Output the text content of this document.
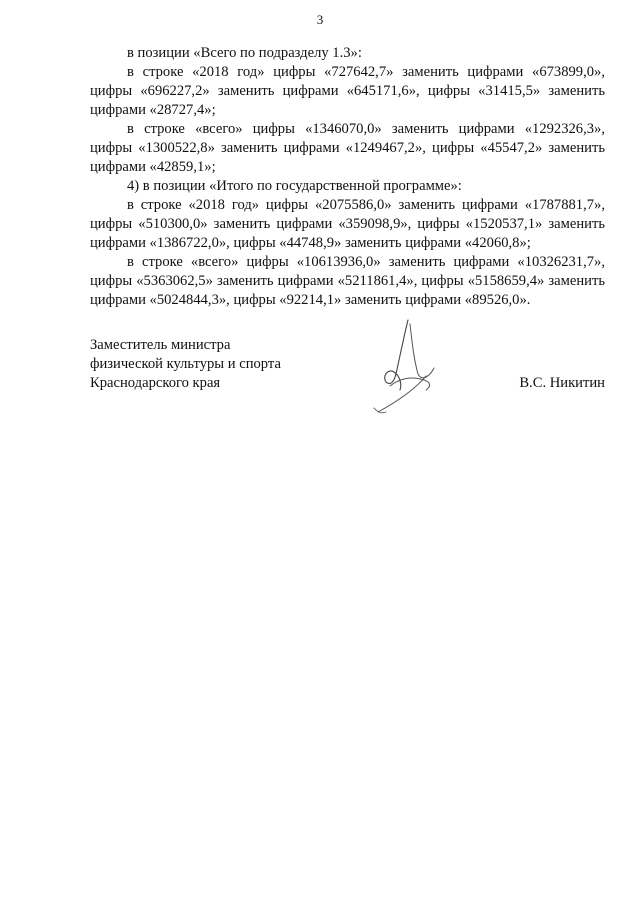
3

в позиции «Всего по подразделу 1.3»:

в строке «2018 год» цифры «727642,7» заменить цифрами «673899,0», цифры «696227,2» заменить цифрами «645171,6», цифры «31415,5» заменить цифрами «28727,4»;

в строке «всего» цифры «1346070,0» заменить цифрами «1292326,3», цифры «1300522,8» заменить цифрами «1249467,2», цифры «45547,2» заменить цифрами «42859,1»;

4) в позиции «Итого по государственной программе»:

в строке «2018 год» цифры «2075586,0» заменить цифрами «1787881,7», цифры «510300,0» заменить цифрами «359098,9», цифры «1520537,1» заменить цифрами «1386722,0», цифры «44748,9» заменить цифрами «42060,8»;

в строке «всего» цифры «10613936,0» заменить цифрами «10326231,7», цифры «5363062,5» заменить цифрами «5211861,4», цифры «5158659,4» заменить цифрами «5024844,3», цифры «92214,1» заменить цифрами «89526,0».

Заместитель министра
физической культуры и спорта
Краснодарского края	В.С. Никитин
